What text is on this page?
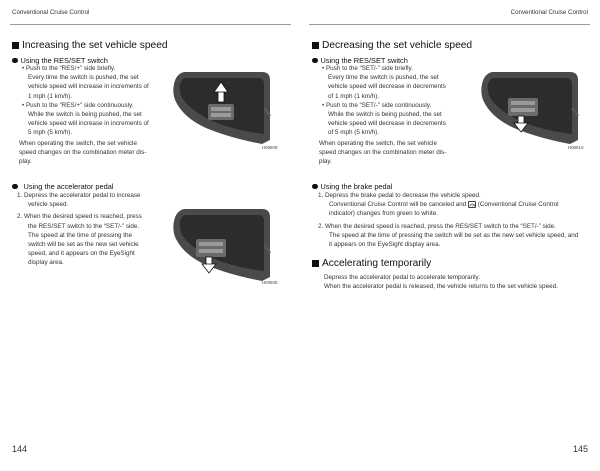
Conventional Cruise Control	Conventional Cruise Control
Increasing the set vehicle speed
Using the RES/SET switch

• Push to the “RES/+” side briefly.

Every time the switch is pushed, the set

vehicle speed will increase in increments of

1 mph (1 km/h).

• Push to the “RES/+” side continuously.

While the switch is being pushed, the set

vehicle speed will increase in increments of

5 mph (5 km/h).

When operating the switch, the set vehicle

speed changes on the combination meter dis-

play.

H00509
Using the accelerator pedal

1. Depress the accelerator pedal to increase

vehicle speed.

2. When the desired speed is reached, press

the RES/SET switch to the “SET/-” side.

The speed at the time of pressing the

switch will be set as the new set vehicle

speed, and it appears on the EyeSight

display area.

H00505
144
Decreasing the set vehicle speed
Using the RES/SET switch

• Push to the “SET/-” side briefly.

Every time the switch is pushed, the set

vehicle speed will decrease in decrements

of 1 mph (1 km/h).

• Push to the “SET/-” side continuously.

While the switch is being pushed, the set

vehicle speed will decrease in decrements

of 5 mph (5 km/h).

When operating the switch, the set vehicle

speed changes on the combination meter dis-

play.

H00510
Using the brake pedal

1. Depress the brake pedal to decrease the vehicle speed.

Conventional Cruise Control will be canceled and (Conventional Cruise Control

indicator) changes from green to white.

2. When the desired speed is reached, press the RES/SET switch to the “SET/-” side.

The speed at the time of pressing the switch will be set as the new set vehicle speed, and

it appears on the EyeSight display area.

Accelerating temporarily

Depress the accelerator pedal to accelerate temporarily.

When the accelerator pedal is released, the vehicle returns to the set vehicle speed.

145
